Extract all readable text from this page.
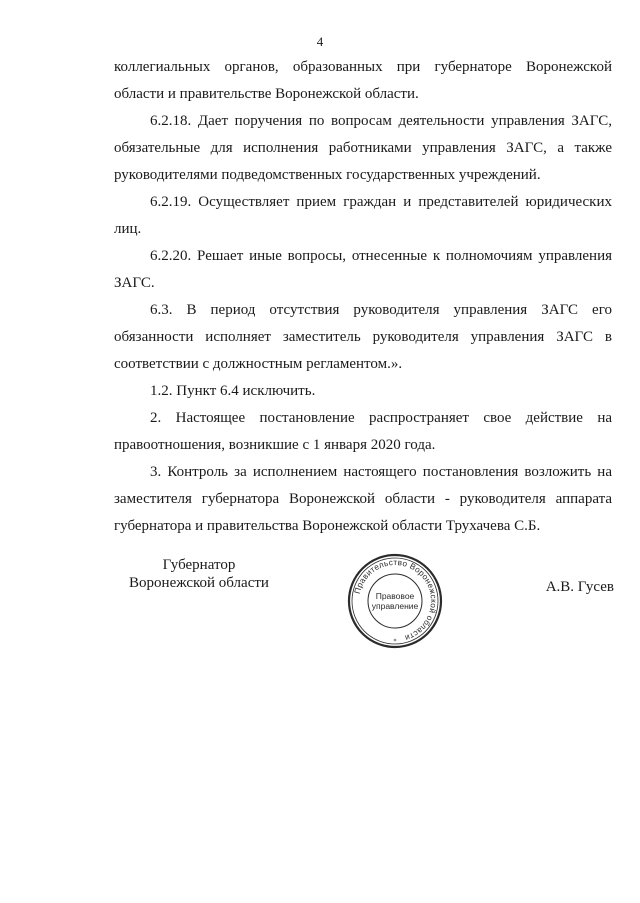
4

коллегиальных органов, образованных при губернаторе Воронежской области и правительстве Воронежской области.

6.2.18. Дает поручения по вопросам деятельности управления ЗАГС, обязательные для исполнения работниками управления ЗАГС, а также руководителями подведомственных государственных учреждений.

6.2.19. Осуществляет прием граждан и представителей юридических лиц.

6.2.20. Решает иные вопросы, отнесенные к полномочиям управления ЗАГС.

6.3. В период отсутствия руководителя управления ЗАГС его обязанности исполняет заместитель руководителя управления ЗАГС в соответствии с должностным регламентом.».

1.2. Пункт 6.4 исключить.

2. Настоящее постановление распространяет свое действие на правоотношения, возникшие с 1 января 2020 года.

3. Контроль за исполнением настоящего постановления возложить на заместителя губернатора Воронежской области - руководителя аппарата губернатора и правительства Воронежской области Трухачева С.Б.

Губернатор
Воронежской области	Правительство Воронежской области
Правовое
управление
*
А.В. Гусев
